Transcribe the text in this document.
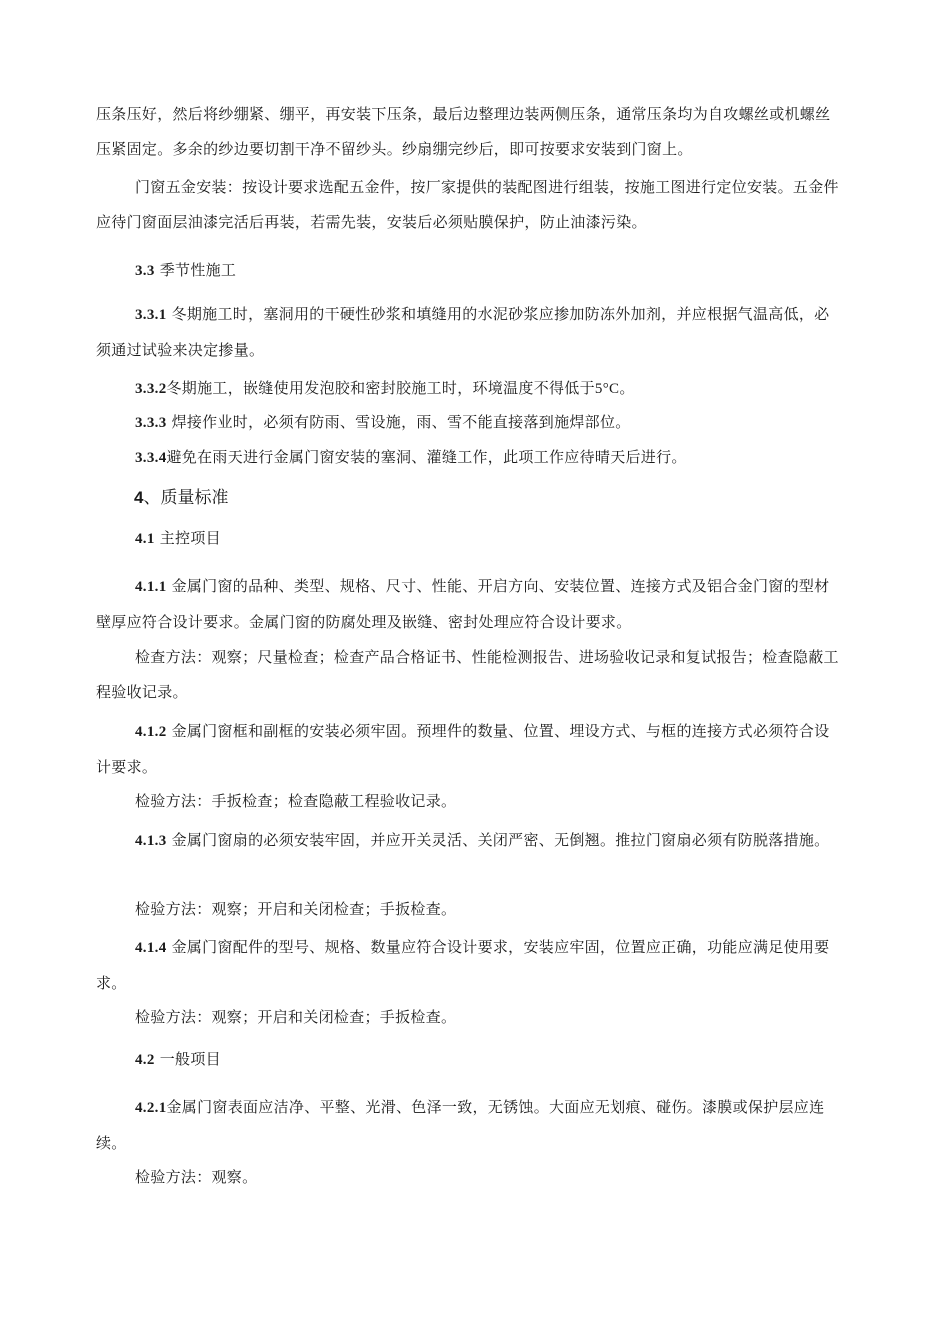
压条压好，然后将纱绷紧、绷平，再安装下压条，最后边整理边装两侧压条，通常压条均为自攻螺丝或机螺丝压紧固定。多余的纱边要切割干净不留纱头。纱扇绷完纱后，即可按要求安装到门窗上。

门窗五金安装：按设计要求选配五金件，按厂家提供的装配图进行组装，按施工图进行定位安装。五金件应待门窗面层油漆完活后再装，若需先装，安装后必须贴膜保护，防止油漆污染。

3.3 季节性施工

3.3.1 冬期施工时，塞洞用的干硬性砂浆和填缝用的水泥砂浆应掺加防冻外加剂，并应根据气温高低，必须通过试验来决定掺量。

3.3.2冬期施工，嵌缝使用发泡胶和密封胶施工时，环境温度不得低于5°C。

3.3.3 焊接作业时，必须有防雨、雪设施，雨、雪不能直接落到施焊部位。

3.3.4避免在雨天进行金属门窗安装的塞洞、灌缝工作，此项工作应待晴天后进行。

4、质量标准

4.1 主控项目

4.1.1 金属门窗的品种、类型、规格、尺寸、性能、开启方向、安装位置、连接方式及铝合金门窗的型材壁厚应符合设计要求。金属门窗的防腐处理及嵌缝、密封处理应符合设计要求。

检查方法：观察；尺量检查；检查产品合格证书、性能检测报告、进场验收记录和复试报告；检查隐蔽工程验收记录。

4.1.2 金属门窗框和副框的安装必须牢固。预埋件的数量、位置、埋设方式、与框的连接方式必须符合设计要求。

检验方法：手扳检查；检查隐蔽工程验收记录。

4.1.3 金属门窗扇的必须安装牢固，并应开关灵活、关闭严密、无倒翘。推拉门窗扇必须有防脱落措施。

检验方法：观察；开启和关闭检查；手扳检查。

4.1.4 金属门窗配件的型号、规格、数量应符合设计要求，安装应牢固，位置应正确，功能应满足使用要求。

检验方法：观察；开启和关闭检查；手扳检查。

4.2 一般项目

4.2.1金属门窗表面应洁净、平整、光滑、色泽一致，无锈蚀。大面应无划痕、碰伤。漆膜或保护层应连续。

检验方法：观察。
